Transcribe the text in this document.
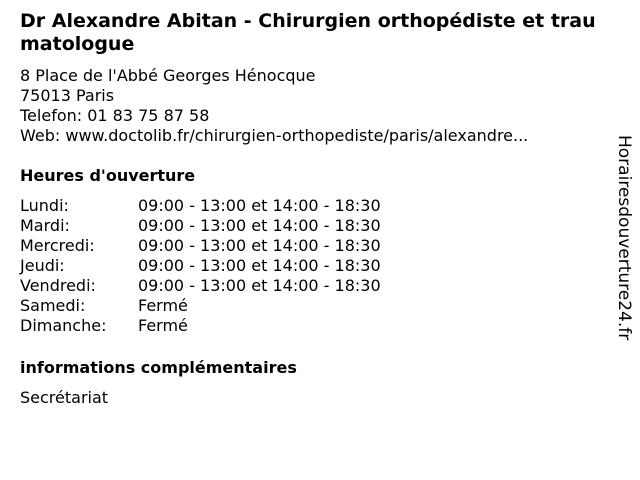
Dr Alexandre Abitan - Chirurgien orthopédiste et traumatologue
8 Place de l'Abbé Georges Hénocque
75013 Paris
Telefon: 01 83 75 87 58
Web: www.doctolib.fr/chirurgien-orthopediste/paris/alexandre...
Heures d'ouverture
Lundi:	09:00 - 13:00 et 14:00 - 18:30
Mardi:	09:00 - 13:00 et 14:00 - 18:30
Mercredi:	09:00 - 13:00 et 14:00 - 18:30
Jeudi:	09:00 - 13:00 et 14:00 - 18:30
Vendredi:	09:00 - 13:00 et 14:00 - 18:30
Samedi:	Fermé
Dimanche:	Fermé
informations complémentaires
Secrétariat
Horairesdouverture24.fr
